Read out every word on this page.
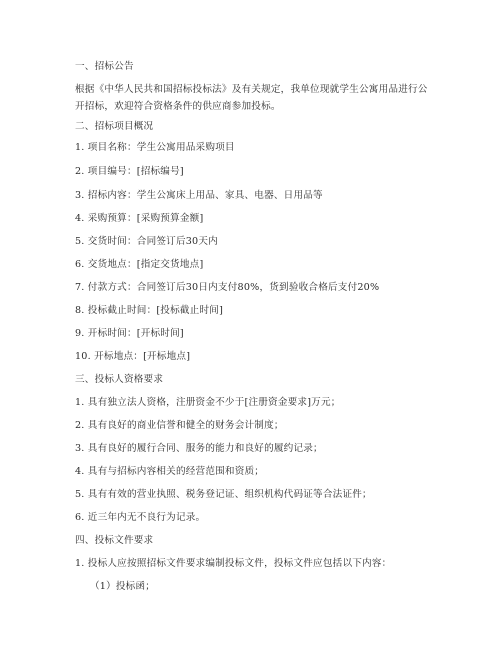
一、招标公告
根据《中华人民共和国招标投标法》及有关规定，我单位现就学生公寓用品进行公开招标，欢迎符合资格条件的供应商参加投标。
二、招标项目概况
1. 项目名称：学生公寓用品采购项目
2. 项目编号：[招标编号]
3. 招标内容：学生公寓床上用品、家具、电器、日用品等
4. 采购预算：[采购预算金额]
5. 交货时间：合同签订后30天内
6. 交货地点：[指定交货地点]
7. 付款方式：合同签订后30日内支付80%，货到验收合格后支付20%
8. 投标截止时间：[投标截止时间]
9. 开标时间：[开标时间]
10. 开标地点：[开标地点]
三、投标人资格要求
1. 具有独立法人资格，注册资金不少于[注册资金要求]万元；
2. 具有良好的商业信誉和健全的财务会计制度；
3. 具有良好的履行合同、服务的能力和良好的履约记录；
4. 具有与招标内容相关的经营范围和资质；
5. 具有有效的营业执照、税务登记证、组织机构代码证等合法证件；
6. 近三年内无不良行为记录。
四、投标文件要求
1. 投标人应按照招标文件要求编制投标文件，投标文件应包括以下内容：
（1）投标函；
